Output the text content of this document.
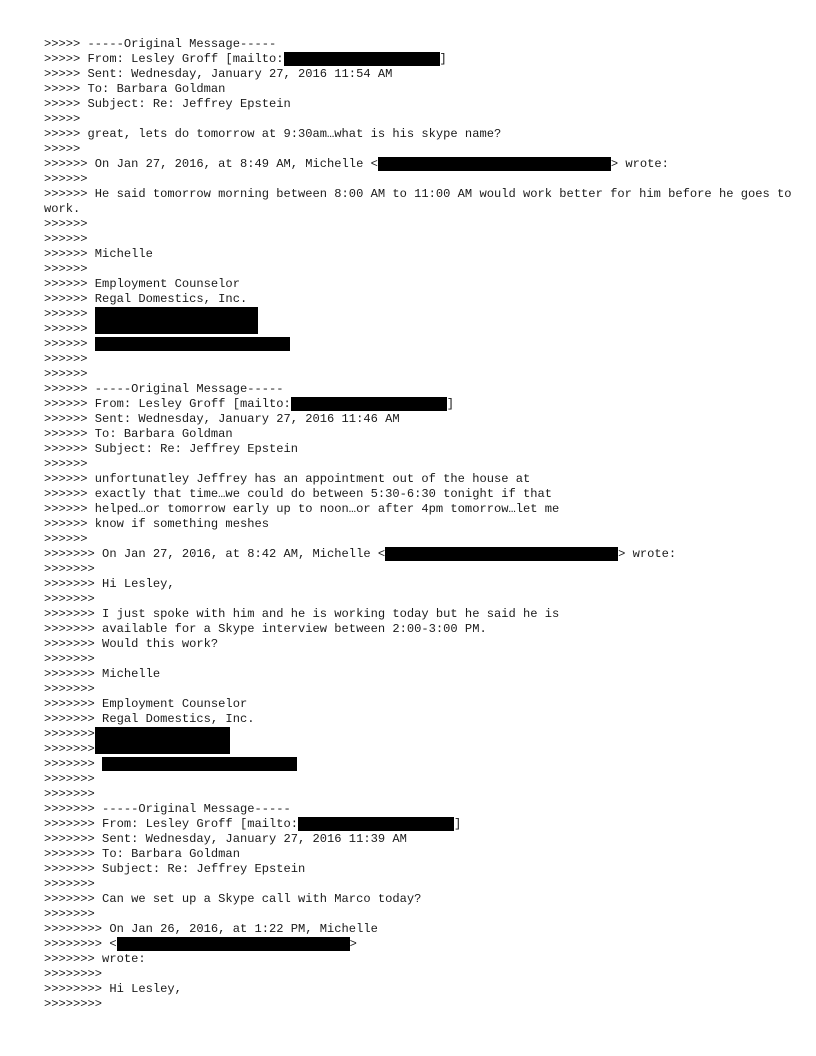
>>>>> -----Original Message-----
>>>>> From: Lesley Groff [mailto:	]
>>>>> Sent: Wednesday, January 27, 2016 11:54 AM
>>>>> To: Barbara Goldman
>>>>> Subject: Re: Jeffrey Epstein
>>>>>
>>>>> great, lets do tomorrow at 9:30am…what is his skype name?
>>>>>
>>>>>> On Jan 27, 2016, at 8:49 AM, Michelle <	> wrote:
>>>>>>
>>>>>> He said tomorrow morning between 8:00 AM to 11:00 AM would work better for him before he goes to work.
>>>>>>
>>>>>>
>>>>>> Michelle
>>>>>>
>>>>>> Employment Counselor
>>>>>> Regal Domestics, Inc.
>>>>>>
>>>>>>
>>>>>>
>>>>>>
>>>>>>
>>>>>> -----Original Message-----
>>>>>> From: Lesley Groff [mailto:	]
>>>>>> Sent: Wednesday, January 27, 2016 11:46 AM
>>>>>> To: Barbara Goldman
>>>>>> Subject: Re: Jeffrey Epstein
>>>>>>
>>>>>> unfortunatley Jeffrey has an appointment out of the house at
>>>>>> exactly that time…we could do between 5:30-6:30 tonight if that
>>>>>> helped…or tomorrow early up to noon…or after 4pm tomorrow…let me
>>>>>> know if something meshes
>>>>>>
>>>>>>> On Jan 27, 2016, at 8:42 AM, Michelle <	> wrote:
>>>>>>>
>>>>>>> Hi Lesley,
>>>>>>>
>>>>>>> I just spoke with him and he is working today but he said he is
>>>>>>> available for a Skype interview between 2:00-3:00 PM.
>>>>>>> Would this work?
>>>>>>>
>>>>>>> Michelle
>>>>>>>
>>>>>>> Employment Counselor
>>>>>>> Regal Domestics, Inc.
>>>>>>>
>>>>>>>
>>>>>>>
>>>>>>>
>>>>>>>
>>>>>>> -----Original Message-----
>>>>>>> From: Lesley Groff [mailto:	]
>>>>>>> Sent: Wednesday, January 27, 2016 11:39 AM
>>>>>>> To: Barbara Goldman
>>>>>>> Subject: Re: Jeffrey Epstein
>>>>>>>
>>>>>>> Can we set up a Skype call with Marco today?
>>>>>>>
>>>>>>>> On Jan 26, 2016, at 1:22 PM, Michelle
>>>>>>>> <	>
>>>>>>> wrote:
>>>>>>>>
>>>>>>>> Hi Lesley,
>>>>>>>>
